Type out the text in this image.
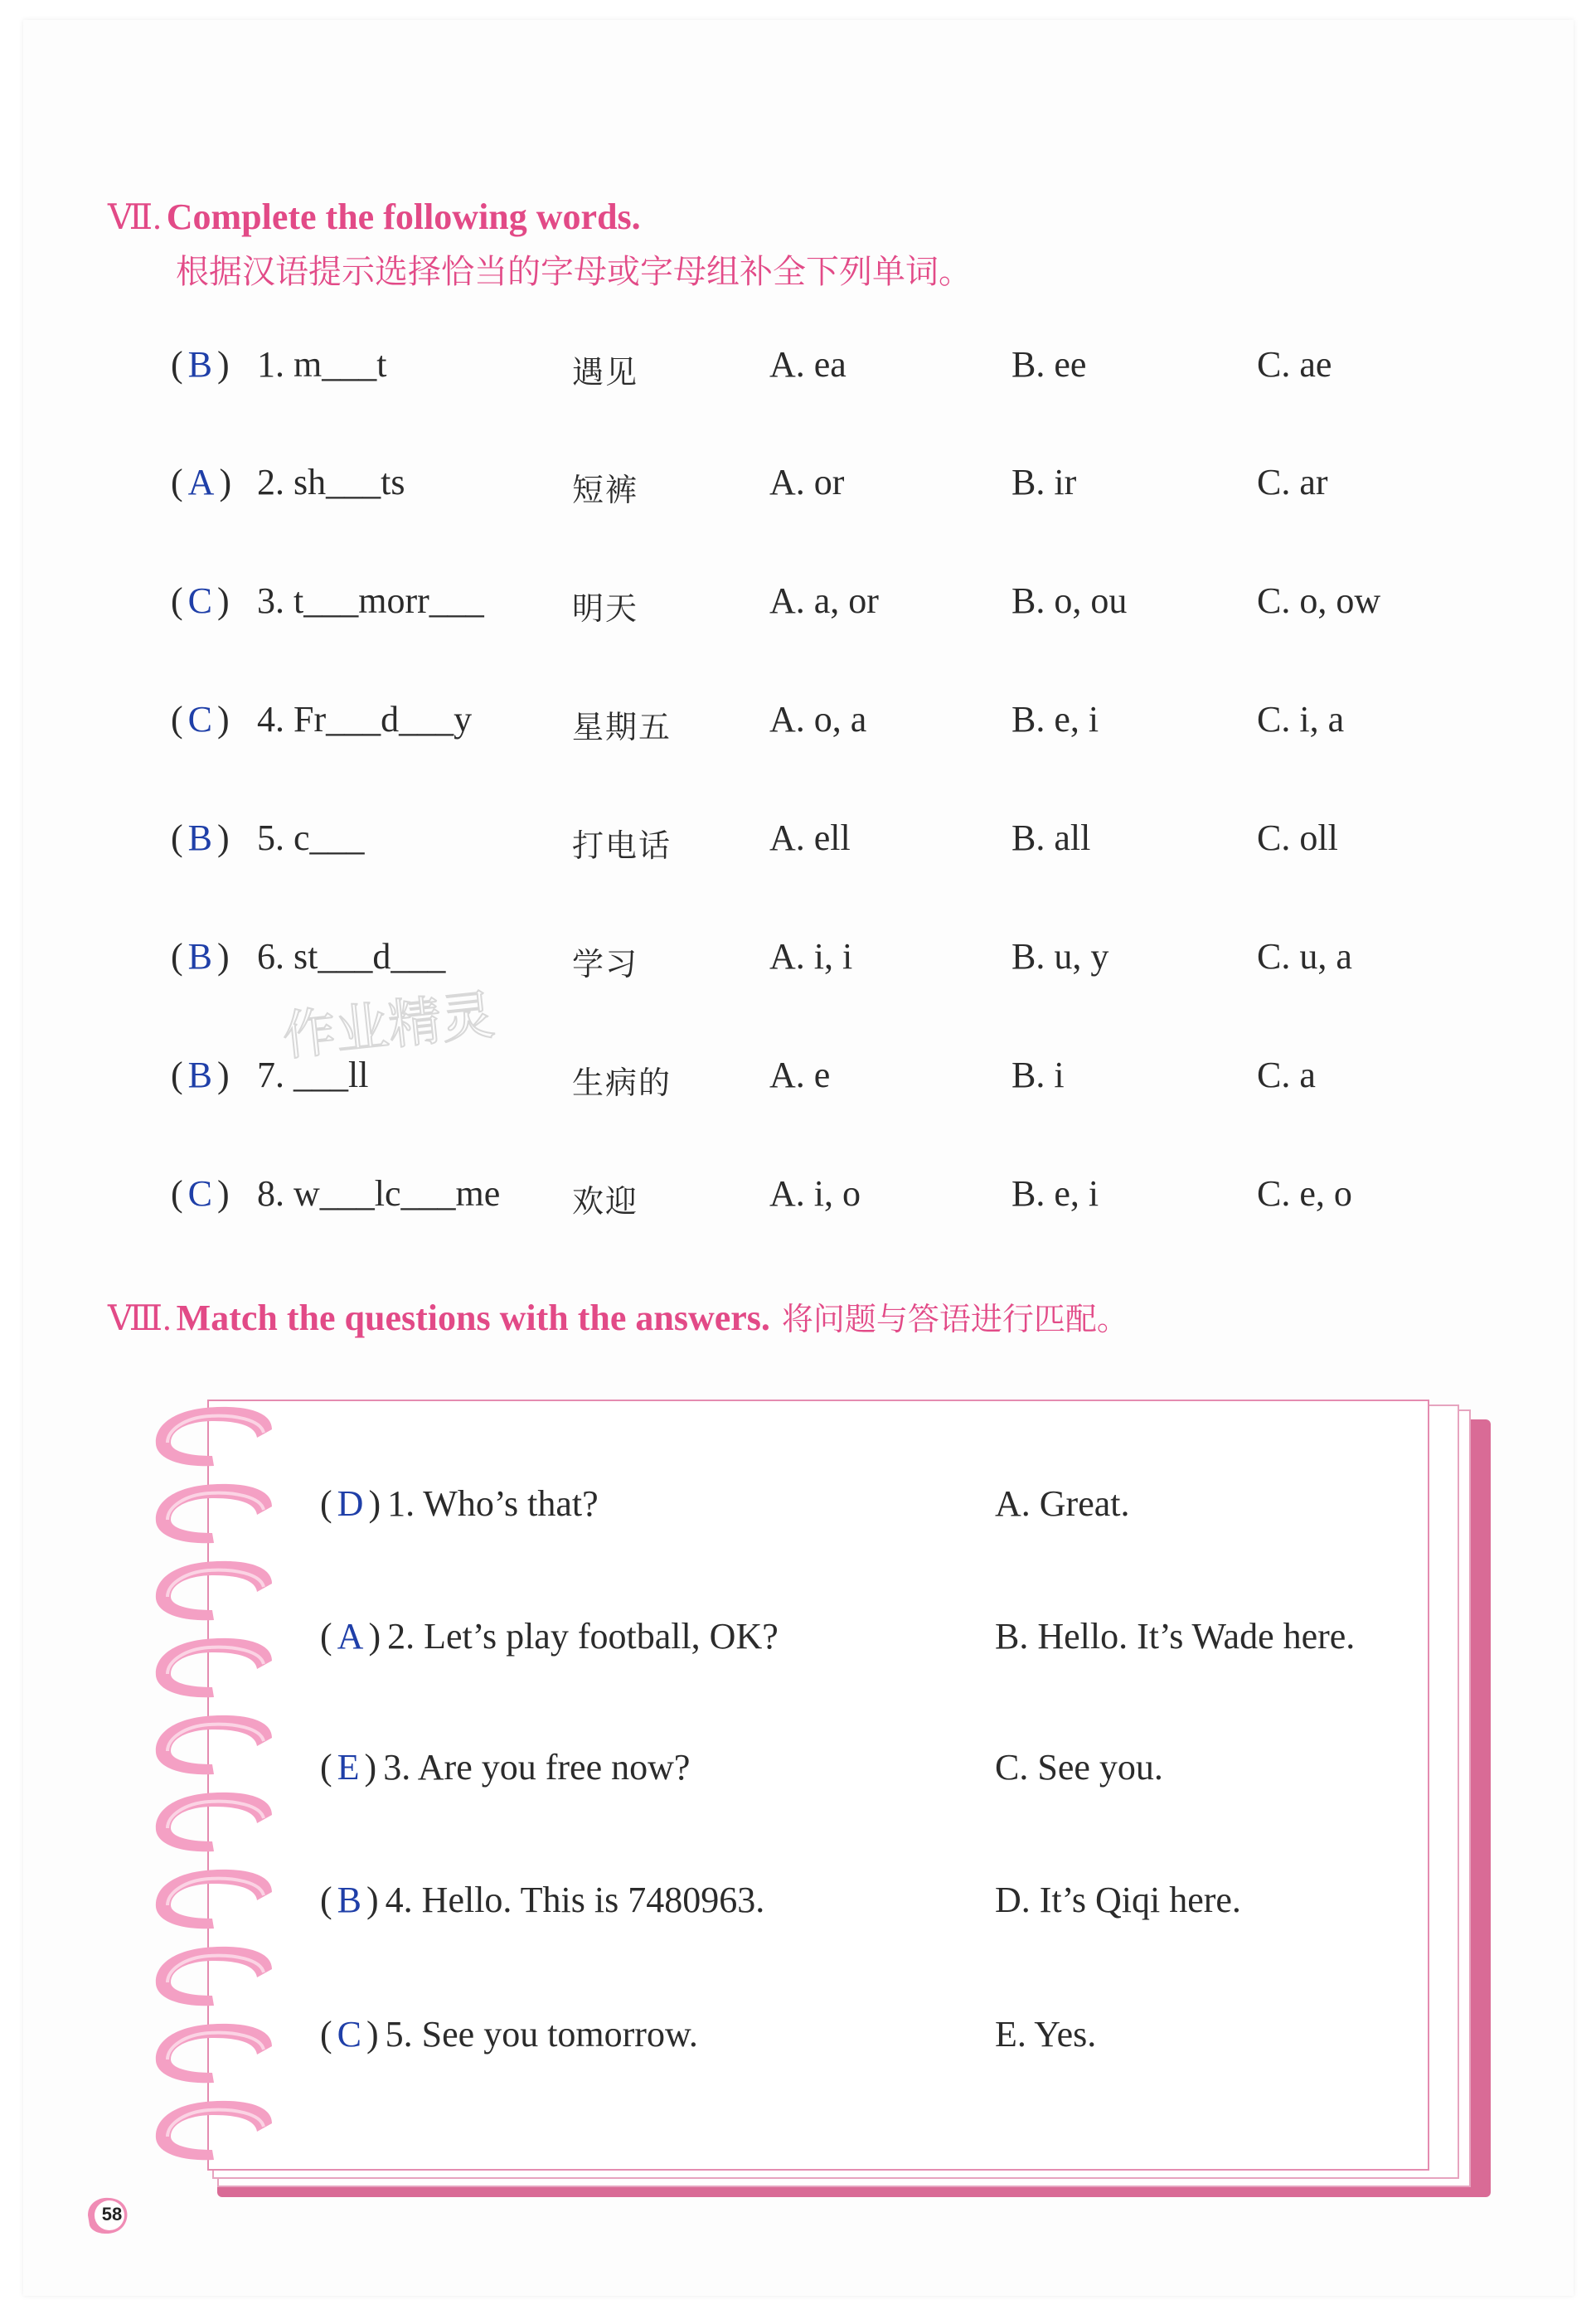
Ⅶ. Complete the following words.
根据汉语提示选择恰当的字母或字母组补全下列单词。
( B ) 1. m___t	遇见	A. ea	B. ee	C. ae
( A ) 2. sh___ts	短裤	A. or	B. ir	C. ar
( C ) 3. t___morr___	明天	A. a, or	B. o, ou	C. o, ow
( C ) 4. Fr___d___y	星期五	A. o, a	B. e, i	C. i, a
( B ) 5. c___	打电话	A. ell	B. all	C. oll
( B ) 6. st___d___	学习	A. i, i	B. u, y	C. u, a
( B ) 7. ___ll	生病的	A. e	B. i	C. a
( C ) 8. w___lc___me 欢迎	A. i, o	B. e, i	C. e, o
作业精灵
Ⅷ. Match the questions with the answers. 将问题与答语进行匹配。
( D ) 1. Who’s that?	A. Great.
( A ) 2. Let’s play football, OK?	B. Hello. It’s Wade here.
( E ) 3. Are you free now?	C. See you.
( B ) 4. Hello. This is 7480963.	D. It’s Qiqi here.
( C ) 5. See you tomorrow.	E. Yes.
58
